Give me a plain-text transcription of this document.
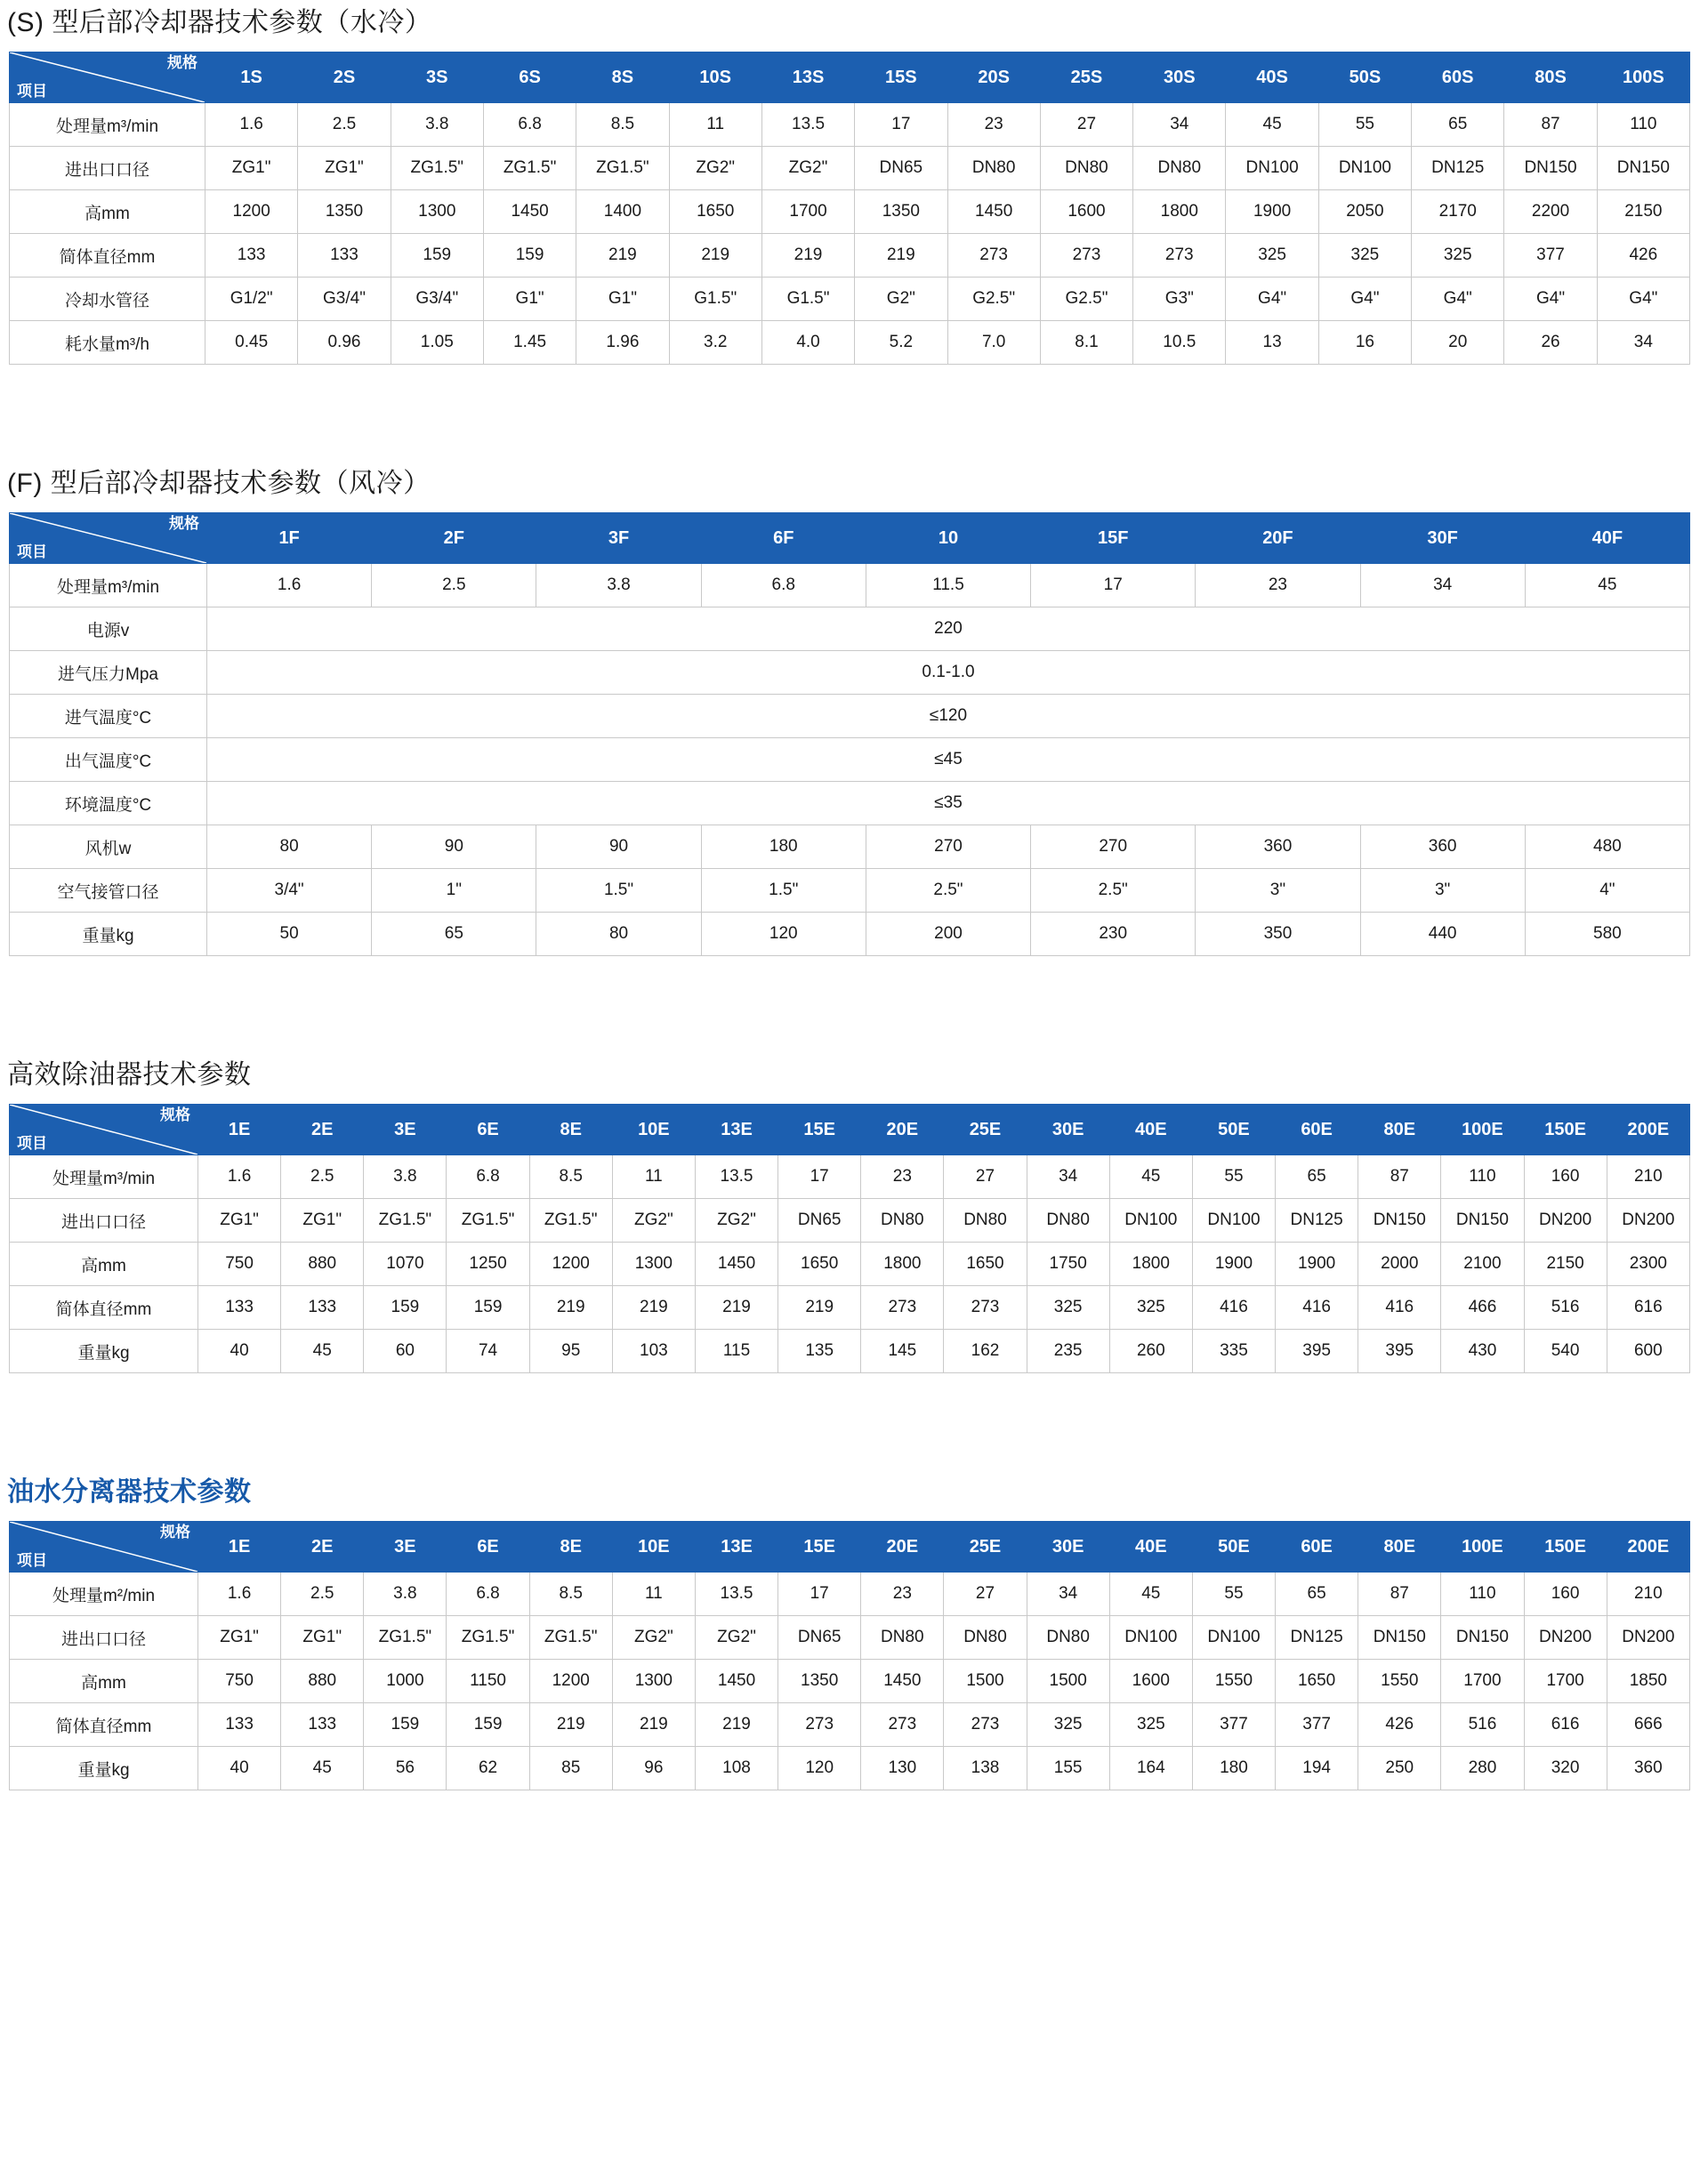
(S) 型后部冷却器技术参数（水冷）
规格
项目	1S	2S	3S	6S	8S	10S	13S	15S	20S	25S	30S	40S	50S	60S	80S	100S
处理量m³/min	1.6	2.5	3.8	6.8	8.5	11	13.5	17	23	27	34	45	55	65	87	110
进出口口径	ZG1"	ZG1"	ZG1.5"	ZG1.5"	ZG1.5"	ZG2"	ZG2"	DN65	DN80	DN80	DN80	DN100	DN100	DN125	DN150	DN150
高mm	1200	1350	1300	1450	1400	1650	1700	1350	1450	1600	1800	1900	2050	2170	2200	2150
简体直径mm	133	133	159	159	219	219	219	219	273	273	273	325	325	325	377	426
冷却水管径	G1/2"	G3/4"	G3/4"	G1"	G1"	G1.5"	G1.5"	G2"	G2.5"	G2.5"	G3"	G4"	G4"	G4"	G4"	G4"
耗水量m³/h	0.45	0.96	1.05	1.45	1.96	3.2	4.0	5.2	7.0	8.1	10.5	13	16	20	26	34
(F) 型后部冷却器技术参数（风冷）
规格
项目	1F	2F	3F	6F	10	15F	20F	30F	40F
处理量m³/min	1.6	2.5	3.8	6.8	11.5	17	23	34	45
电源v	220								
进气压力Mpa	0.1-1.0								
进气温度°C	≤120								
出气温度°C	≤45								
环境温度°C	≤35								
风机w	80	90	90	180	270	270	360	360	480
空气接管口径	3/4"	1"	1.5"	1.5"	2.5"	2.5"	3"	3"	4"
重量kg	50	65	80	120	200	230	350	440	580
高效除油器技术参数
规格
项目	1E	2E	3E	6E	8E	10E	13E	15E	20E	25E	30E	40E	50E	60E	80E	100E	150E	200E
处理量m³/min	1.6	2.5	3.8	6.8	8.5	11	13.5	17	23	27	34	45	55	65	87	110	160	210
进出口口径	ZG1"	ZG1"	ZG1.5"	ZG1.5"	ZG1.5"	ZG2"	ZG2"	DN65	DN80	DN80	DN80	DN100	DN100	DN125	DN150	DN150	DN200	DN200
高mm	750	880	1070	1250	1200	1300	1450	1650	1800	1650	1750	1800	1900	1900	2000	2100	2150	2300
简体直径mm	133	133	159	159	219	219	219	219	273	273	325	325	416	416	416	466	516	616
重量kg	40	45	60	74	95	103	115	135	145	162	235	260	335	395	395	430	540	600
油水分离器技术参数
规格
项目	1E	2E	3E	6E	8E	10E	13E	15E	20E	25E	30E	40E	50E	60E	80E	100E	150E	200E
处理量m²/min	1.6	2.5	3.8	6.8	8.5	11	13.5	17	23	27	34	45	55	65	87	110	160	210
进出口口径	ZG1"	ZG1"	ZG1.5"	ZG1.5"	ZG1.5"	ZG2"	ZG2"	DN65	DN80	DN80	DN80	DN100	DN100	DN125	DN150	DN150	DN200	DN200
高mm	750	880	1000	1150	1200	1300	1450	1350	1450	1500	1500	1600	1550	1650	1550	1700	1700	1850
简体直径mm	133	133	159	159	219	219	219	273	273	273	325	325	377	377	426	516	616	666
重量kg	40	45	56	62	85	96	108	120	130	138	155	164	180	194	250	280	320	360
